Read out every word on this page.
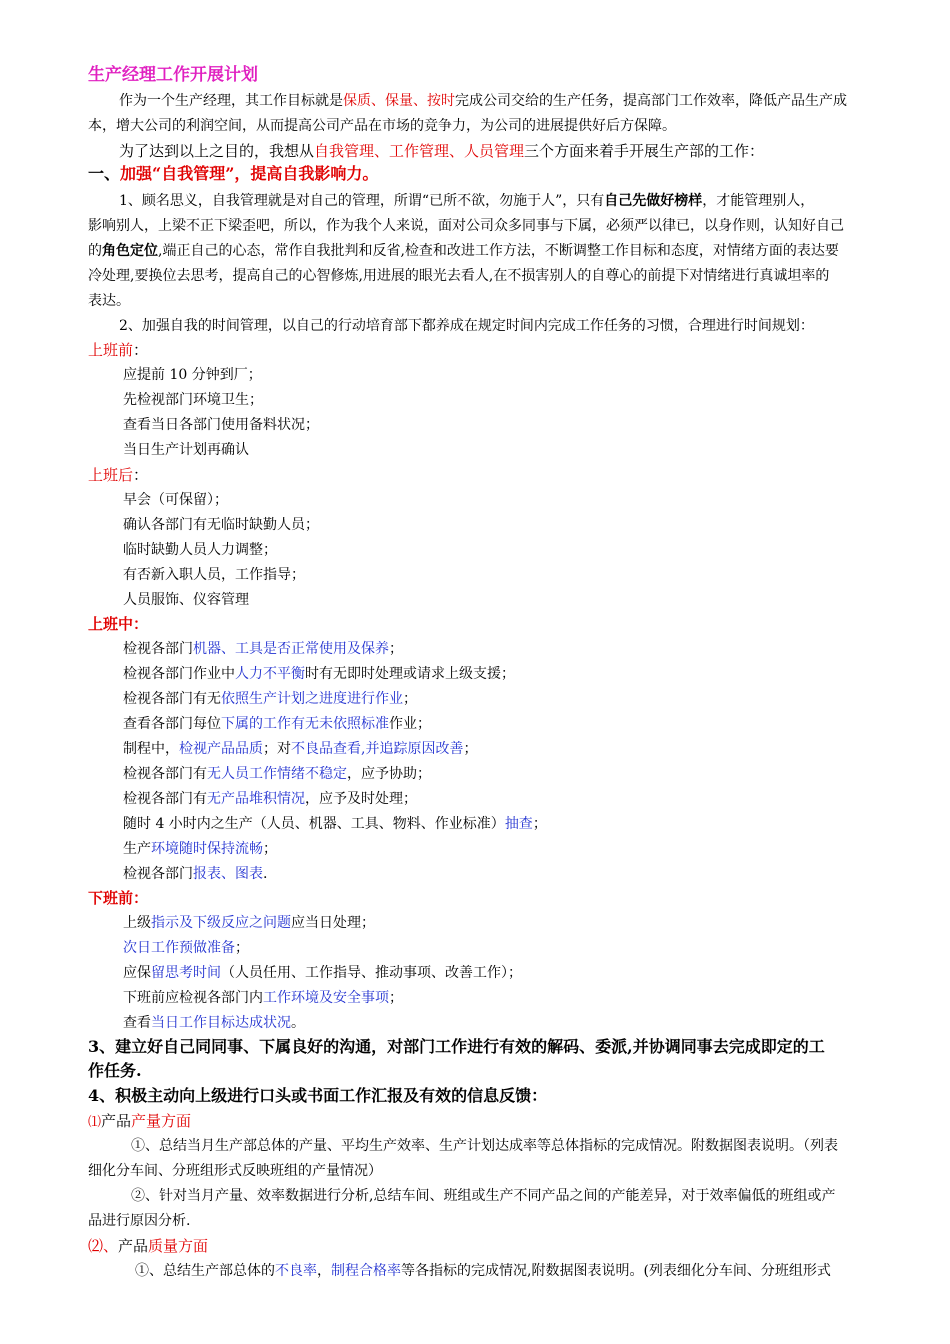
生产经理工作开展计划
作为一个生产经理，其工作目标就是保质、保量、按时完成公司交给的生产任务，提高部门工作效率，降低产品生产成
本，增大公司的利润空间，从而提高公司产品在市场的竞争力，为公司的进展提供好后方保障。
为了达到以上之目的，我想从自我管理、工作管理、人员管理三个方面来着手开展生产部的工作：
一、加强“自我管理”，提高自我影响力。
1、顾名思义，自我管理就是对自己的管理，所谓“已所不欲，勿施于人”，只有自己先做好榜样，才能管理别人，
影响别人，上梁不正下梁歪吧，所以，作为我个人来说，面对公司众多同事与下属，必须严以律已，以身作则，认知好自己
的角色定位,端正自己的心态，常作自我批判和反省,检查和改进工作方法，不断调整工作目标和态度，对情绪方面的表达要
冷处理,要换位去思考，提高自己的心智修炼,用进展的眼光去看人,在不损害别人的自尊心的前提下对情绪进行真诚坦率的
表达。
2、加强自我的时间管理，以自己的行动培育部下都养成在规定时间内完成工作任务的习惯，合理进行时间规划：
上班前：
应提前 10 分钟到厂；
先检视部门环境卫生；
查看当日各部门使用备料状况；
当日生产计划再确认
上班后：
早会（可保留）；
确认各部门有无临时缺勤人员；
临时缺勤人员人力调整；
有否新入职人员，工作指导；
人员服饰、仪容管理
上班中：
检视各部门机器、工具是否正常使用及保养；
检视各部门作业中人力不平衡时有无即时处理或请求上级支援；
检视各部门有无依照生产计划之进度进行作业；
查看各部门每位下属的工作有无未依照标准作业；
制程中，检视产品品质；对不良品查看,并追踪原因改善；
检视各部门有无人员工作情绪不稳定，应予协助；
检视各部门有无产品堆积情况，应予及时处理；
随时 4 小时内之生产（人员、机器、工具、物料、作业标准）抽查；
生产环境随时保持流畅；
检视各部门报表、图表.
下班前：
上级指示及下级反应之问题应当日处理；
次日工作预做准备；
应保留思考时间（人员任用、工作指导、推动事项、改善工作）；
下班前应检视各部门内工作环境及安全事项；
查看当日工作目标达成状况。
3、建立好自己同同事、下属良好的沟通，对部门工作进行有效的解码、委派,并协调同事去完成即定的工
作任务.
4、积极主动向上级进行口头或书面工作汇报及有效的信息反馈：
⑴产品产量方面
①、总结当月生产部总体的产量、平均生产效率、生产计划达成率等总体指标的完成情况。附数据图表说明。（列表
细化分车间、分班组形式反映班组的产量情况）
②、针对当月产量、效率数据进行分析,总结车间、班组或生产不同产品之间的产能差异，对于效率偏低的班组或产
品进行原因分析.
⑵、产品质量方面
①、总结生产部总体的不良率，制程合格率等各指标的完成情况,附数据图表说明。(列表细化分车间、分班组形式
